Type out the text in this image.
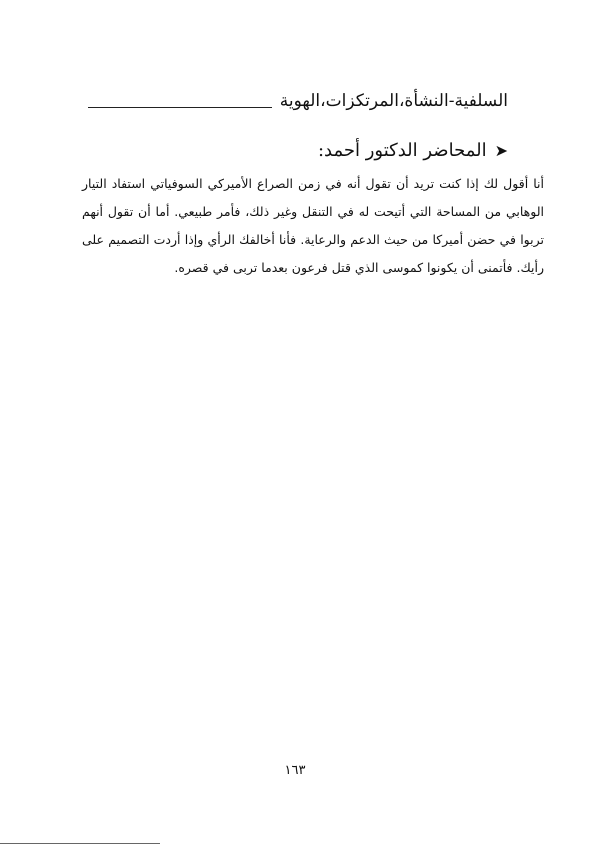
السلفية-النشأة،المرتكزات،الهوية
➤
المحاضر الدكتور أحمد:

أنا أقول لك إذا كنت تريد أن تقول أنه في زمن الصراع الأميركي السوفياتي استفاد التيار الوهابي من المساحة التي أتيحت له في التنقل وغير ذلك، فأمر طبيعي. أما أن تقول أنهم تربوا في حضن أميركا من حيث الدعم والرعاية. فأنا أخالفك الرأي وإذا أردت التصميم على رأيك. فأتمنى أن يكونوا كموسى الذي قتل فرعون بعدما تربى في قصره.

١٦٣
